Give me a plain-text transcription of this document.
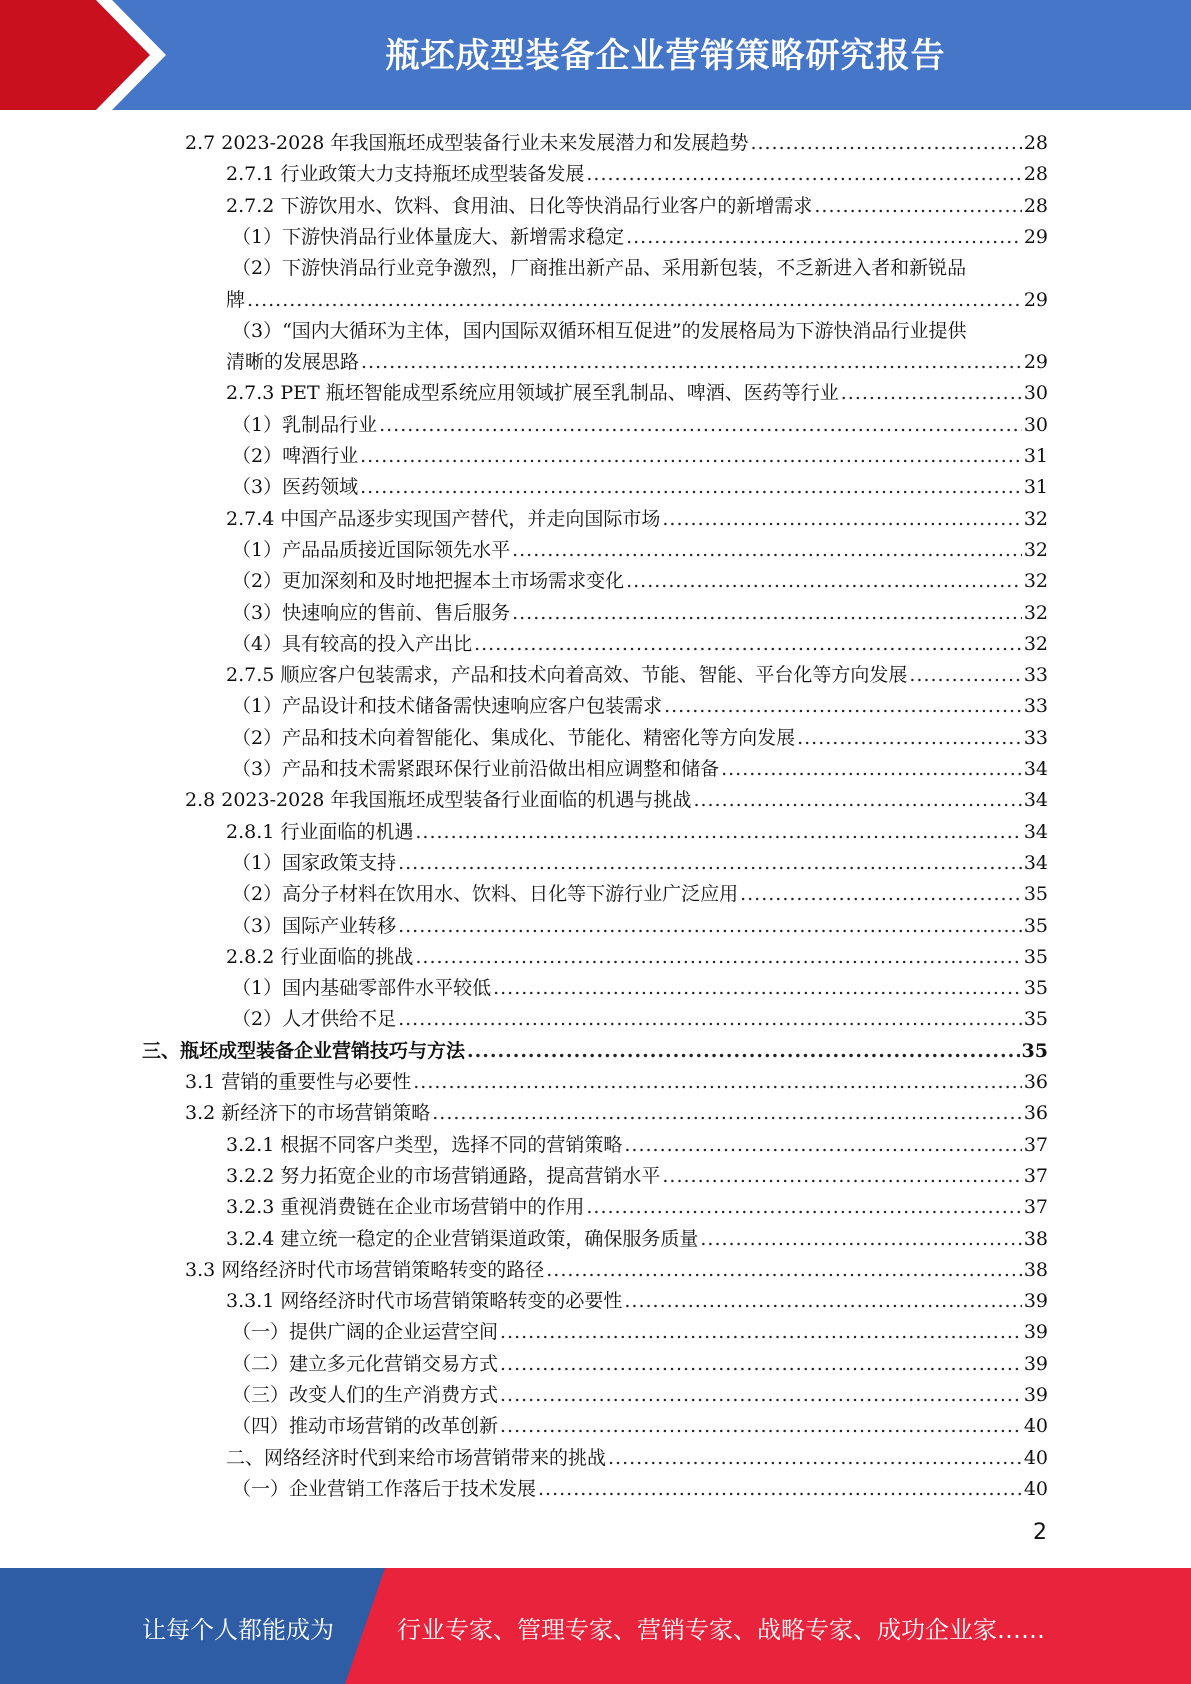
瓶坯成型装备企业营销策略研究报告
2.7 2023-2028 年我国瓶坯成型装备行业未来发展潜力和发展趋势 .....	28
2.7.1 行业政策大力支持瓶坯成型装备发展 .....	28
2.7.2 下游饮用水、饮料、食用油、日化等快消品行业客户的新增需求 .....	28
（1）下游快消品行业体量庞大、新增需求稳定 .....	29
（2）下游快消品行业竞争激烈，厂商推出新产品、采用新包装，不乏新进入者和新锐品
牌 .....	29
（3）“国内大循环为主体，国内国际双循环相互促进”的发展格局为下游快消品行业提供
清晰的发展思路 .....	29
2.7.3 PET 瓶坯智能成型系统应用领域扩展至乳制品、啤酒、医药等行业 .....	30
（1）乳制品行业 .....	30
（2）啤酒行业 .....	31
（3）医药领域 .....	31
2.7.4 中国产品逐步实现国产替代，并走向国际市场 .....	32
（1）产品品质接近国际领先水平 .....	32
（2）更加深刻和及时地把握本土市场需求变化 .....	32
（3）快速响应的售前、售后服务 .....	32
（4）具有较高的投入产出比 .....	32
2.7.5 顺应客户包装需求，产品和技术向着高效、节能、智能、平台化等方向发展 .....	33
（1）产品设计和技术储备需快速响应客户包装需求 .....	33
（2）产品和技术向着智能化、集成化、节能化、精密化等方向发展 .....	33
（3）产品和技术需紧跟环保行业前沿做出相应调整和储备 .....	34
2.8 2023-2028 年我国瓶坯成型装备行业面临的机遇与挑战 .....	34
2.8.1 行业面临的机遇 .....	34
（1）国家政策支持 .....	34
（2）高分子材料在饮用水、饮料、日化等下游行业广泛应用 .....	35
（3）国际产业转移 .....	35
2.8.2 行业面临的挑战 .....	35
（1）国内基础零部件水平较低 .....	35
（2）人才供给不足 .....	35
三、瓶坯成型装备企业营销技巧与方法 .....	35
3.1 营销的重要性与必要性 .....	36
3.2 新经济下的市场营销策略 .....	36
3.2.1 根据不同客户类型，选择不同的营销策略 .....	37
3.2.2 努力拓宽企业的市场营销通路，提高营销水平 .....	37
3.2.3 重视消费链在企业市场营销中的作用 .....	37
3.2.4 建立统一稳定的企业营销渠道政策，确保服务质量 .....	38
3.3 网络经济时代市场营销策略转变的路径 .....	38
3.3.1 网络经济时代市场营销策略转变的必要性 .....	39
（一）提供广阔的企业运营空间 .....	39
（二）建立多元化营销交易方式 .....	39
（三）改变人们的生产消费方式 .....	39
（四）推动市场营销的改革创新 .....	40
二、网络经济时代到来给市场营销带来的挑战 .....	40
（一）企业营销工作落后于技术发展 .....	40
2
让每个人都能成为	行业专家、管理专家、营销专家、战略专家、成功企业家……
